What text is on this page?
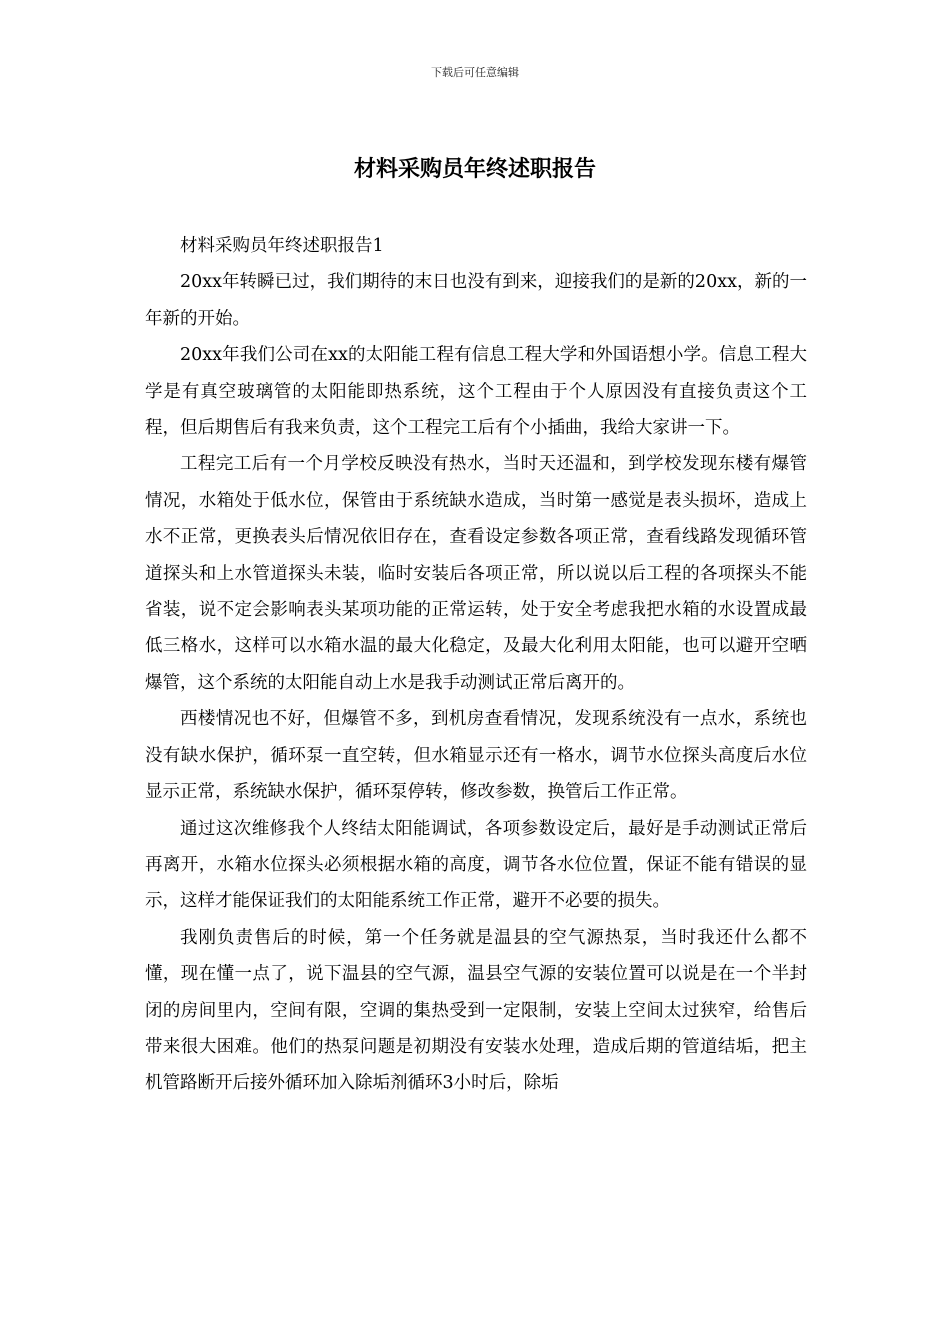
下载后可任意编辑
材料采购员年终述职报告

材料采购员年终述职报告1

20xx年转瞬已过，我们期待的末日也没有到来，迎接我们的是新的20xx，新的一年新的开始。

20xx年我们公司在xx的太阳能工程有信息工程大学和外国语想小学。信息工程大学是有真空玻璃管的太阳能即热系统，这个工程由于个人原因没有直接负责这个工程，但后期售后有我来负责，这个工程完工后有个小插曲，我给大家讲一下。

工程完工后有一个月学校反映没有热水，当时天还温和，到学校发现东楼有爆管情况，水箱处于低水位，保管由于系统缺水造成，当时第一感觉是表头损坏，造成上水不正常，更换表头后情况依旧存在，查看设定参数各项正常，查看线路发现循环管道探头和上水管道探头未装，临时安装后各项正常，所以说以后工程的各项探头不能省装，说不定会影响表头某项功能的正常运转，处于安全考虑我把水箱的水设置成最低三格水，这样可以水箱水温的最大化稳定，及最大化利用太阳能，也可以避开空晒爆管，这个系统的太阳能自动上水是我手动测试正常后离开的。

西楼情况也不好，但爆管不多，到机房查看情况，发现系统没有一点水，系统也没有缺水保护，循环泵一直空转，但水箱显示还有一格水，调节水位探头高度后水位显示正常，系统缺水保护，循环泵停转，修改参数，换管后工作正常。

通过这次维修我个人终结太阳能调试，各项参数设定后，最好是手动测试正常后再离开，水箱水位探头必须根据水箱的高度，调节各水位位置，保证不能有错误的显示，这样才能保证我们的太阳能系统工作正常，避开不必要的损失。

我刚负责售后的时候，第一个任务就是温县的空气源热泵，当时我还什么都不懂，现在懂一点了，说下温县的空气源，温县空气源的安装位置可以说是在一个半封闭的房间里内，空间有限，空调的集热受到一定限制，安装上空间太过狭窄，给售后带来很大困难。他们的热泵问题是初期没有安装水处理，造成后期的管道结垢，把主机管路断开后接外循环加入除垢剂循环3小时后，除垢
